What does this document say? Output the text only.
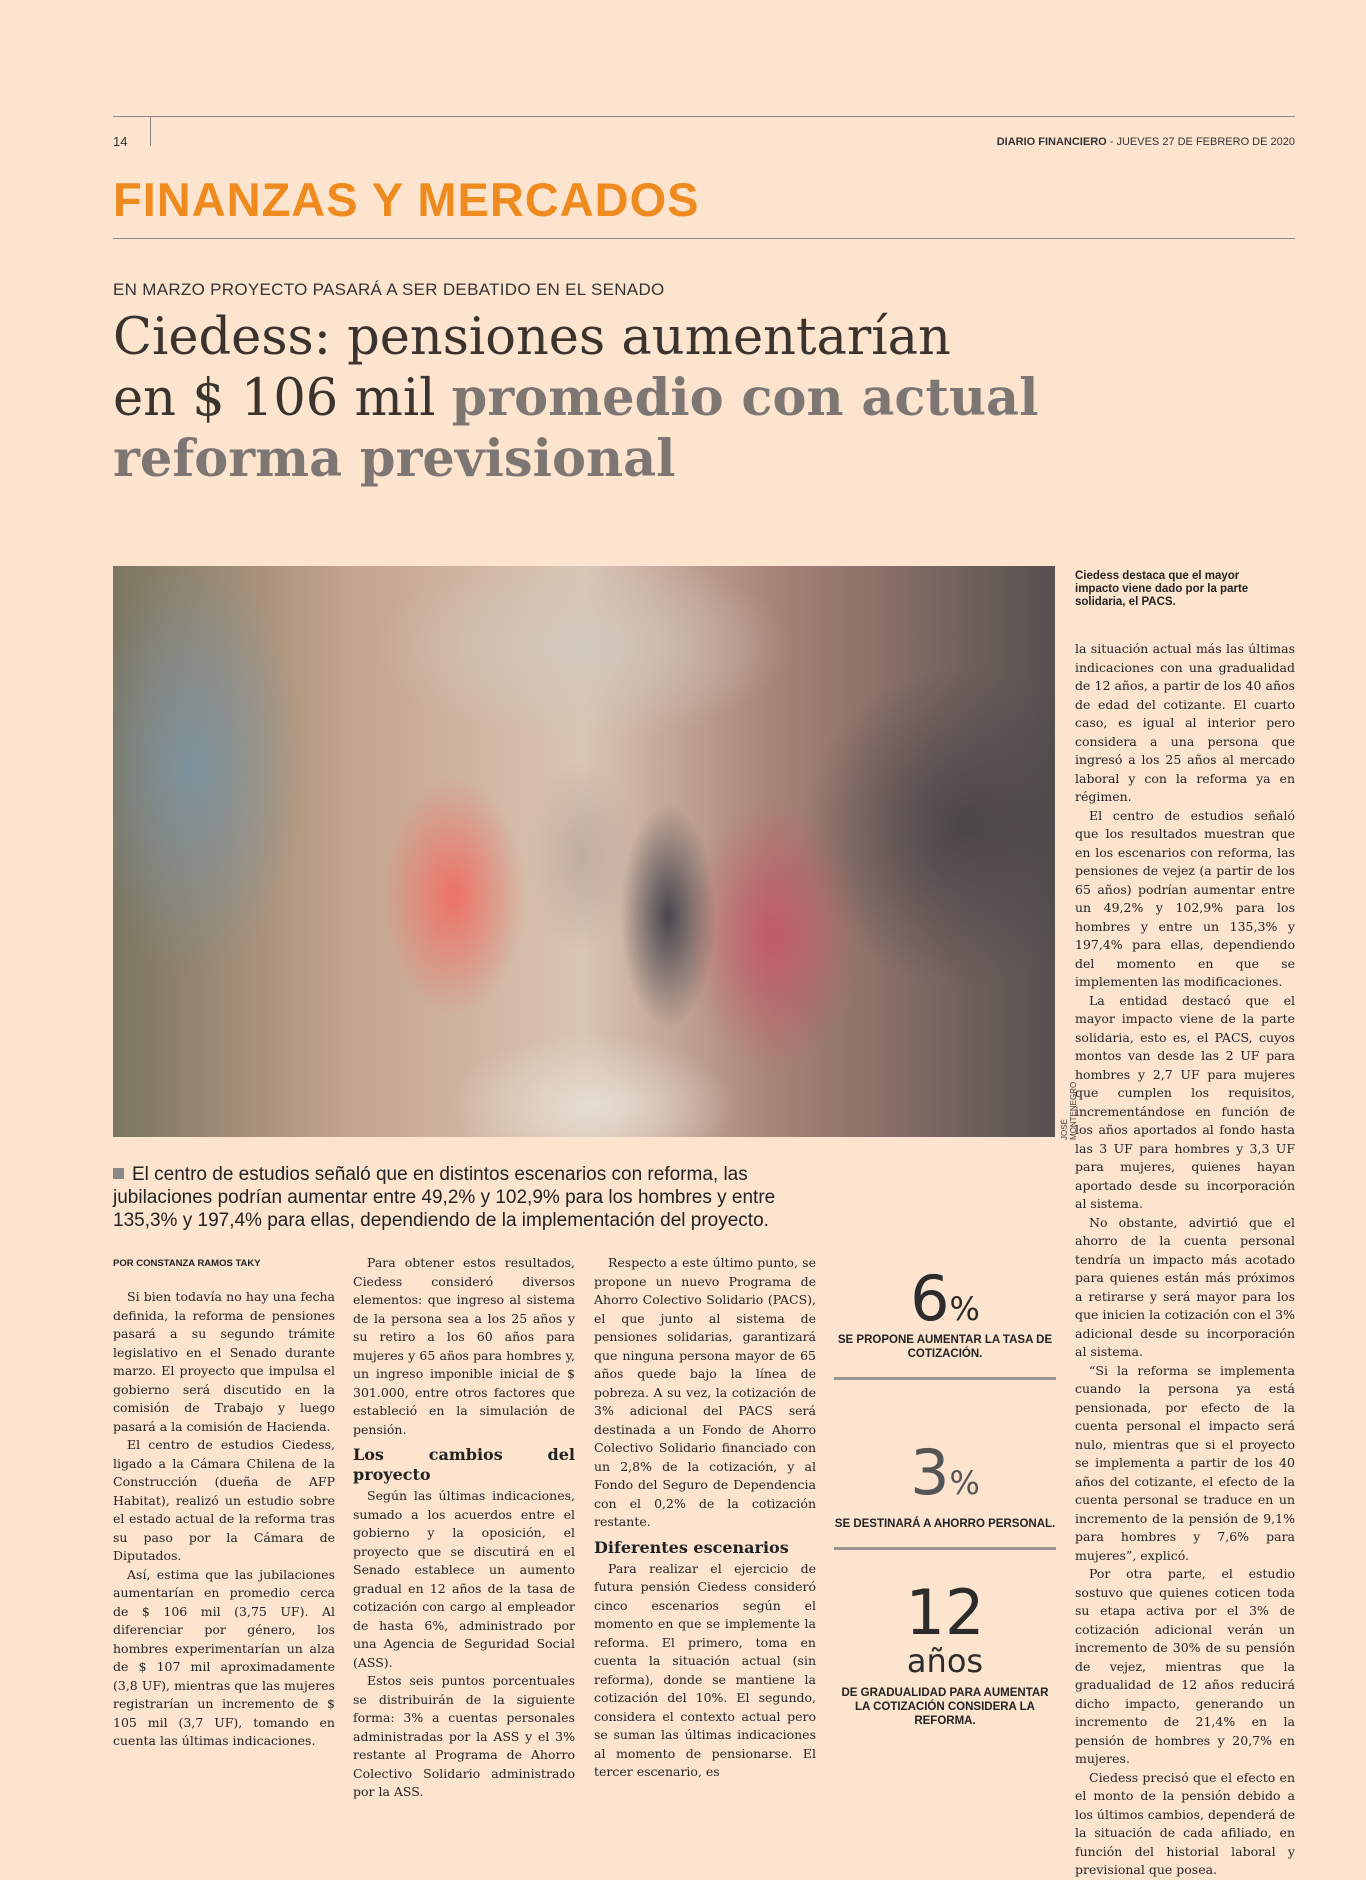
14	DIARIO FINANCIERO - JUEVES 27 DE FEBRERO DE 2020
FINANZAS Y MERCADOS
EN MARZO PROYECTO PASARÁ A SER DEBATIDO EN EL SENADO
Ciedess: pensiones aumentarían
en $ 106 mil promedio con actual
reforma previsional
JOSÉ MONTENEGRO
Ciedess destaca que el mayor impacto viene dado por la parte solidaria, el PACS.
El centro de estudios señaló que en distintos escenarios con reforma, las jubilaciones podrían aumentar entre 49,2% y 102,9% para los hombres y entre 135,3% y 197,4% para ellas, dependiendo de la implementación del proyecto.
POR CONSTANZA RAMOS TAKY

Si bien todavía no hay una fecha definida, la reforma de pensiones pasará a su segundo trámite legislativo en el Senado durante marzo. El proyecto que impulsa el gobierno será discutido en la comisión de Trabajo y luego pasará a la comisión de Hacienda.

El centro de estudios Ciedess, ligado a la Cámara Chilena de la Construcción (dueña de AFP Habitat), realizó un estudio sobre el estado actual de la reforma tras su paso por la Cámara de Diputados.

Así, estima que las jubilaciones aumentarían en promedio cerca de $ 106 mil (3,75 UF). Al diferenciar por género, los hombres experimentarían un alza de $ 107 mil aproximadamente (3,8 UF), mientras que las mujeres registrarían un incremento de $ 105 mil (3,7 UF), tomando en cuenta las últimas indicaciones.

Para obtener estos resultados, Ciedess consideró diversos elementos: que ingreso al sistema de la persona sea a los 25 años y su retiro a los 60 años para mujeres y 65 años para hombres y, un ingreso imponible inicial de $ 301.000, entre otros factores que estableció en la simulación de pensión.

Los cambios del proyecto

Según las últimas indicaciones, sumado a los acuerdos entre el gobierno y la oposición, el proyecto que se discutirá en el Senado establece un aumento gradual en 12 años de la tasa de cotización con cargo al empleador de hasta 6%, administrado por una Agencia de Seguridad Social (ASS).

Estos seis puntos porcentuales se distribuirán de la siguiente forma: 3% a cuentas personales administradas por la ASS y el 3% restante al Programa de Ahorro Colectivo Solidario administrado por la ASS.

Respecto a este último punto, se propone un nuevo Programa de Ahorro Colectivo Solidario (PACS), el que junto al sistema de pensiones solidarias, garantizará que ninguna persona mayor de 65 años quede bajo la línea de pobreza. A su vez, la cotización de 3% adicional del PACS será destinada a un Fondo de Ahorro Colectivo Solidario financiado con un 2,8% de la cotización, y al Fondo del Seguro de Dependencia con el 0,2% de la cotización restante.

Diferentes escenarios

Para realizar el ejercicio de futura pensión Ciedess consideró cinco escenarios según el momento en que se implemente la reforma. El primero, toma en cuenta la situación actual (sin reforma), donde se mantiene la cotización del 10%. El segundo, considera el contexto actual pero se suman las últimas indicaciones al momento de pensionarse. El tercer escenario, es

6%
SE PROPONE AUMENTAR LA TASA DE COTIZACIÓN.
3%
SE DESTINARÁ A AHORRO PERSONAL.
12
años
DE GRADUALIDAD PARA AUMENTAR LA COTIZACIÓN CONSIDERA LA REFORMA.

la situación actual más las últimas indicaciones con una gradualidad de 12 años, a partir de los 40 años de edad del cotizante. El cuarto caso, es igual al interior pero considera a una persona que ingresó a los 25 años al mercado laboral y con la reforma ya en régimen.

El centro de estudios señaló que los resultados muestran que en los escenarios con reforma, las pensiones de vejez (a partir de los 65 años) podrían aumentar entre un 49,2% y 102,9% para los hombres y entre un 135,3% y 197,4% para ellas, dependiendo del momento en que se implementen las modificaciones.

La entidad destacó que el mayor impacto viene de la parte solidaria, esto es, el PACS, cuyos montos van desde las 2 UF para hombres y 2,7 UF para mujeres que cumplen los requisitos, incrementándose en función de los años aportados al fondo hasta las 3 UF para hombres y 3,3 UF para mujeres, quienes hayan aportado desde su incorporación al sistema.

No obstante, advirtió que el ahorro de la cuenta personal tendría un impacto más acotado para quienes están más próximos a retirarse y será mayor para los que inicien la cotización con el 3% adicional desde su incorporación al sistema.

“Si la reforma se implementa cuando la persona ya está pensionada, por efecto de la cuenta personal el impacto será nulo, mientras que si el proyecto se implementa a partir de los 40 años del cotizante, el efecto de la cuenta personal se traduce en un incremento de la pensión de 9,1% para hombres y 7,6% para mujeres”, explicó.

Por otra parte, el estudio sostuvo que quienes coticen toda su etapa activa por el 3% de cotización adicional verán un incremento de 30% de su pensión de vejez, mientras que la gradualidad de 12 años reducirá dicho impacto, generando un incremento de 21,4% en la pensión de hombres y 20,7% en mujeres.

Ciedess precisó que el efecto en el monto de la pensión debido a los últimos cambios, dependerá de la situación de cada afiliado, en función del historial laboral y previsional que posea.
